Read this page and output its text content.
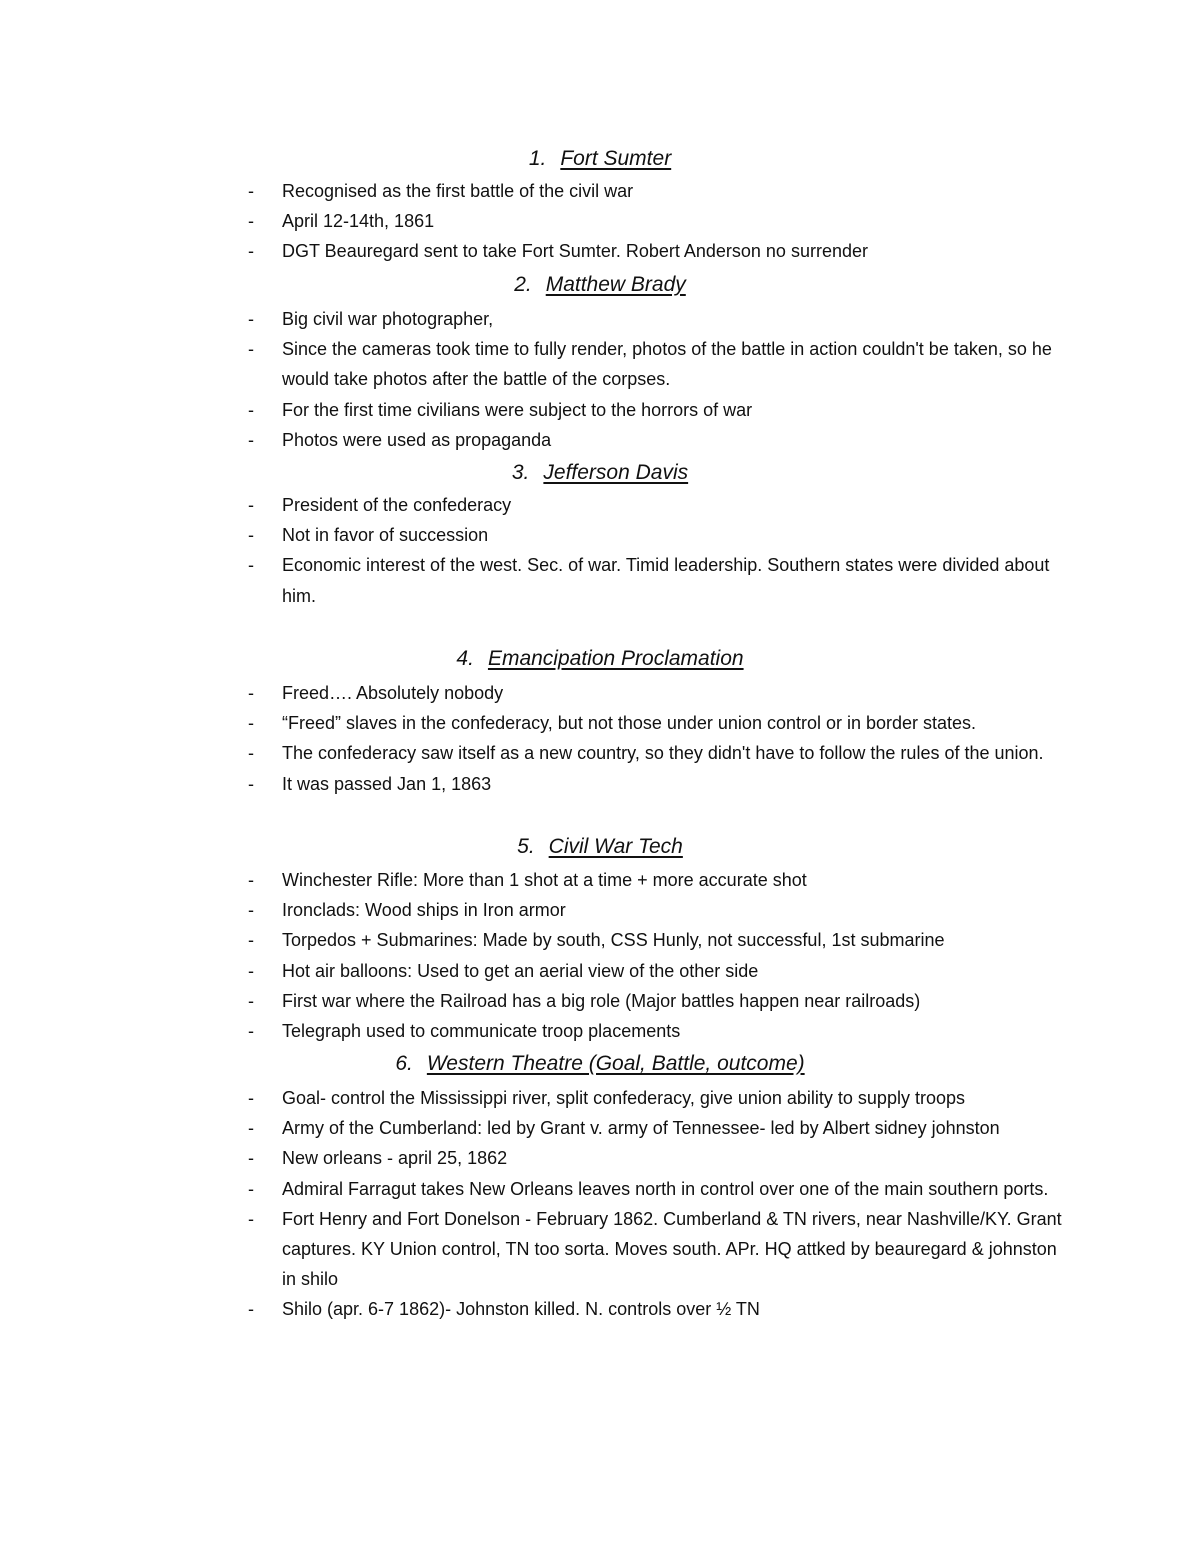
1. Fort Sumter
- Recognised as the first battle of the civil war
- April 12-14th, 1861
- DGT Beauregard sent to take Fort Sumter. Robert Anderson no surrender
2. Matthew Brady
- Big civil war photographer,
- Since the cameras took time to fully render, photos of the battle in action couldn't be taken, so he would take photos after the battle of the corpses.
- For the first time civilians were subject to the horrors of war
- Photos were used as propaganda
3. Jefferson Davis
- President of the confederacy
- Not in favor of succession
- Economic interest of the west. Sec. of war. Timid leadership. Southern states were divided about him.
4. Emancipation Proclamation
- Freed…. Absolutely nobody
- “Freed” slaves in the confederacy, but not those under union control or in border states.
- The confederacy saw itself as a new country, so they didn't have to follow the rules of the union.
- It was passed Jan 1, 1863
5. Civil War Tech
- Winchester Rifle: More than 1 shot at a time + more accurate shot
- Ironclads: Wood ships in Iron armor
- Torpedos + Submarines: Made by south, CSS Hunly, not successful, 1st submarine
- Hot air balloons: Used to get an aerial view of the other side
- First war where the Railroad has a big role (Major battles happen near railroads)
- Telegraph used to communicate troop placements
6. Western Theatre (Goal, Battle, outcome)
- Goal- control the Mississippi river, split confederacy, give union ability to supply troops
- Army of the Cumberland: led by Grant v. army of Tennessee- led by Albert sidney johnston
- New orleans - april 25, 1862
- Admiral Farragut takes New Orleans leaves north in control over one of the main southern ports.
- Fort Henry and Fort Donelson - February 1862. Cumberland & TN rivers, near Nashville/KY. Grant captures. KY Union control, TN too sorta. Moves south. APr. HQ attked by beauregard & johnston in shilo
- Shilo (apr. 6-7 1862)- Johnston killed. N. controls over ½ TN
